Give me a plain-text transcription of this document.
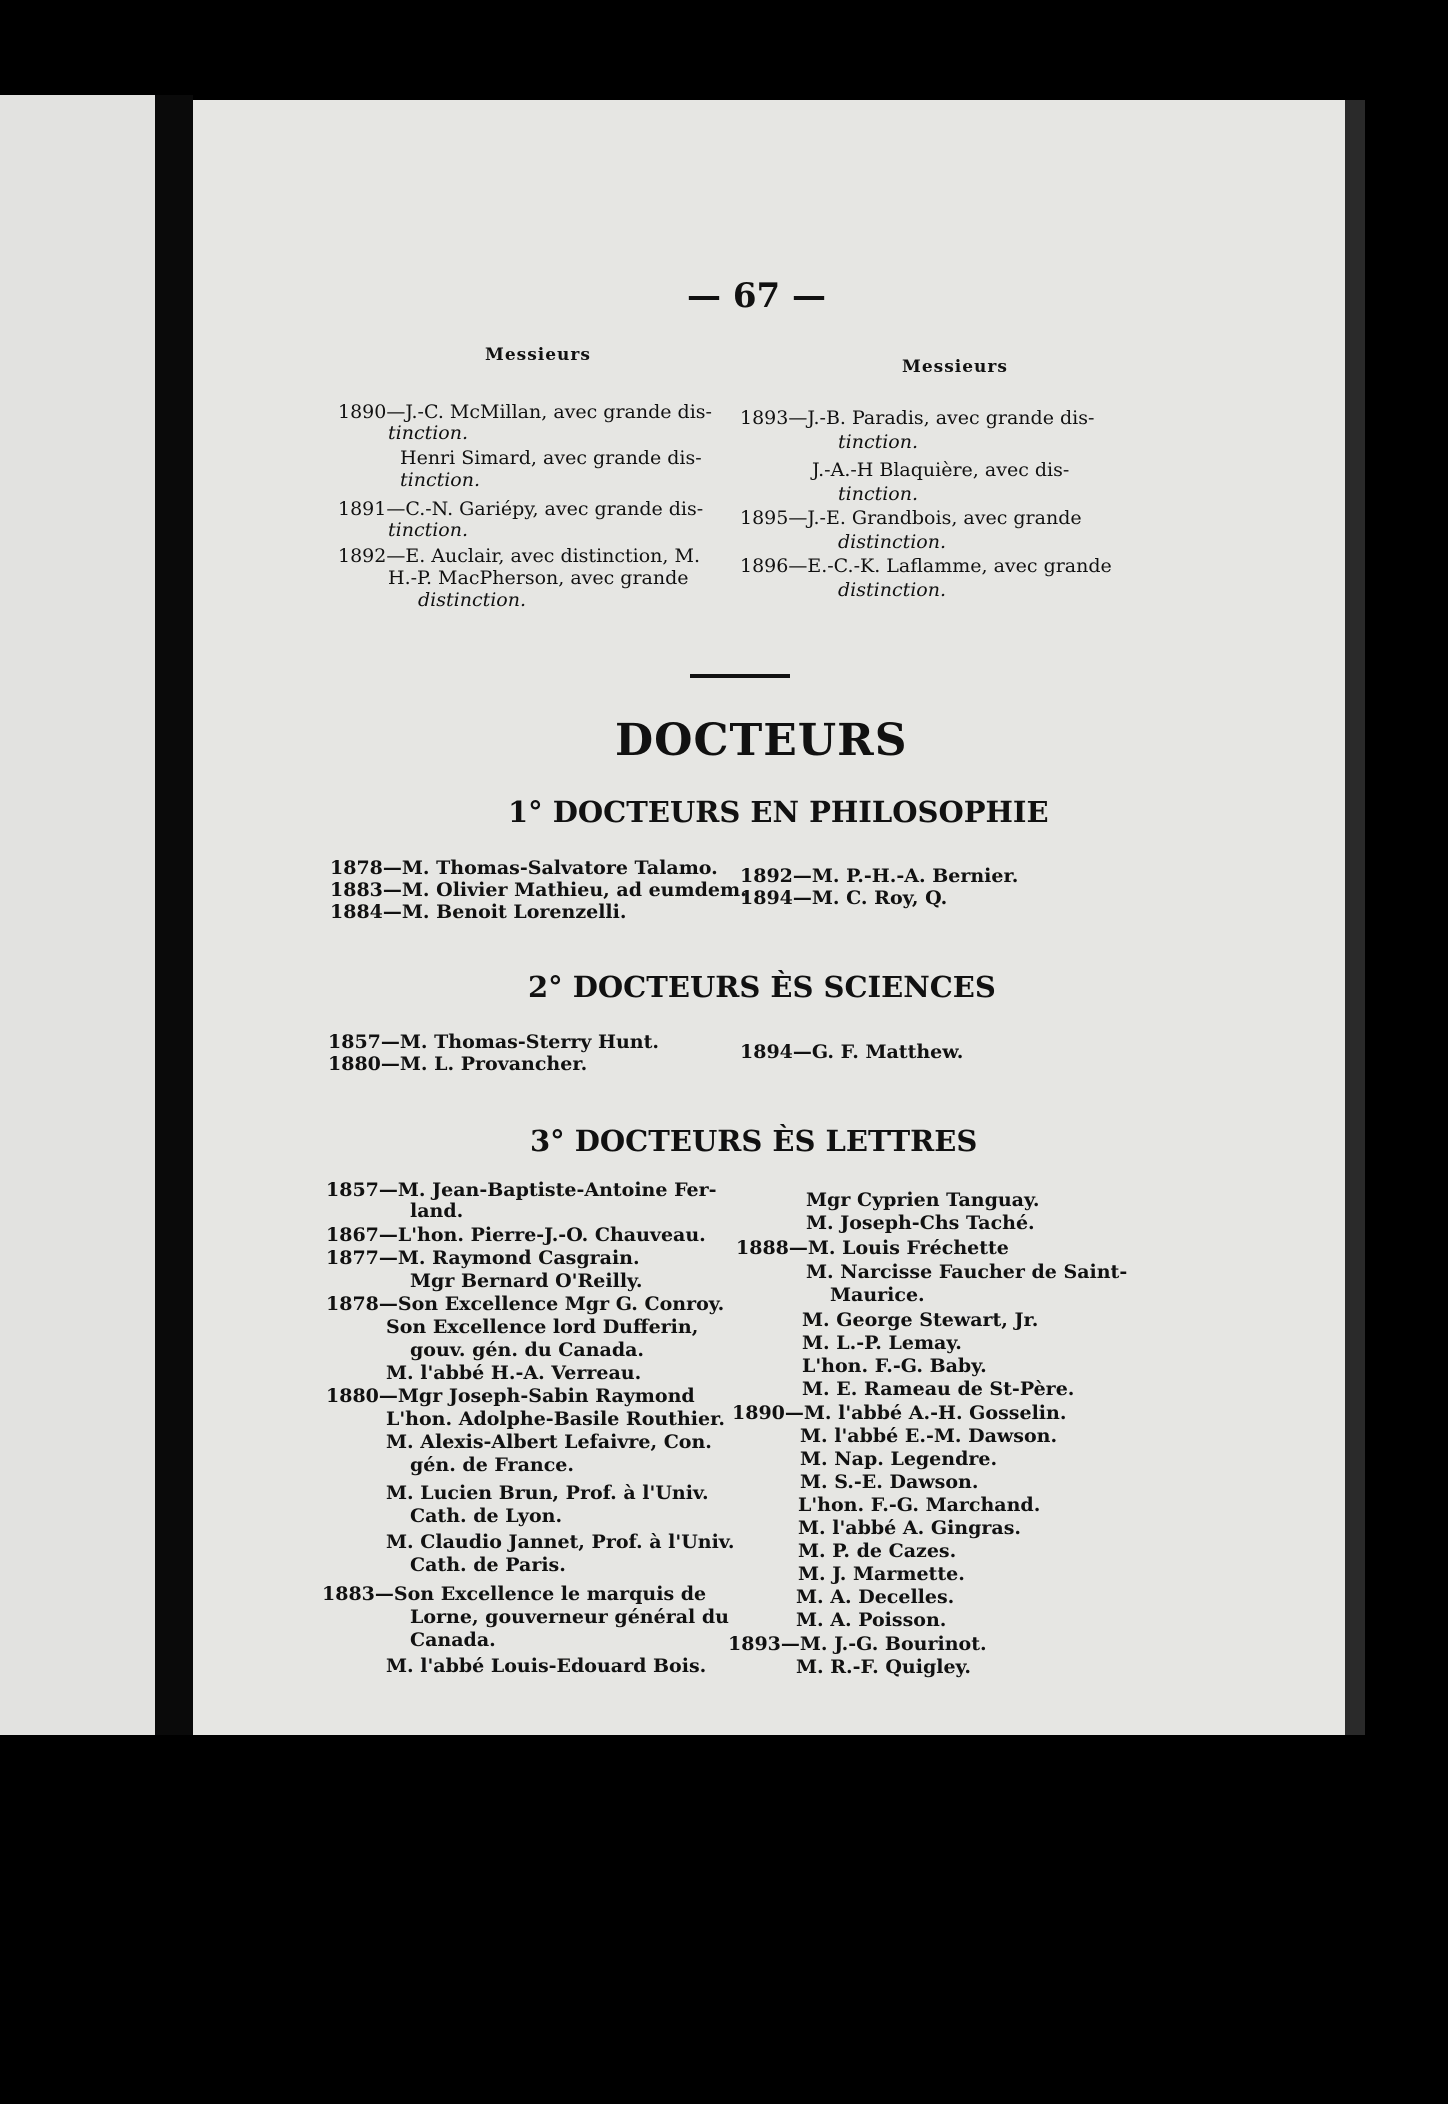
— 67 —
Messieurs
Messieurs
1890—J.-C. McMillan, avec grande dis-
tinction.
Henri Simard, avec grande dis-
tinction.
1891—C.-N. Gariépy, avec grande dis-
tinction.
1892—E. Auclair, avec distinction, M.
H.-P. MacPherson, avec grande
distinction.
1893—J.-B. Paradis, avec grande dis-
tinction.
J.-A.-H Blaquière, avec dis-
tinction.
1895—J.-E. Grandbois, avec grande
distinction.
1896—E.-C.-K. Laflamme, avec grande
distinction.
DOCTEURS
1° DOCTEURS EN PHILOSOPHIE
1878—M. Thomas-Salvatore Talamo.
1883—M. Olivier Mathieu, ad eumdem.
1884—M. Benoit Lorenzelli.
1892—M. P.-H.-A. Bernier.
1894—M. C. Roy, Q.
2° DOCTEURS ÈS SCIENCES
1857—M. Thomas-Sterry Hunt.
1880—M. L. Provancher.
1894—G. F. Matthew.
3° DOCTEURS ÈS LETTRES
1857—M. Jean-Baptiste-Antoine Fer-
land.
1867—L'hon. Pierre-J.-O. Chauveau.
1877—M. Raymond Casgrain.
Mgr Bernard O'Reilly.
1878—Son Excellence Mgr G. Conroy.
Son Excellence lord Dufferin,
gouv. gén. du Canada.
M. l'abbé H.-A. Verreau.
1880—Mgr Joseph-Sabin Raymond
L'hon. Adolphe-Basile Routhier.
M. Alexis-Albert Lefaivre, Con.
gén. de France.
M. Lucien Brun, Prof. à l'Univ.
Cath. de Lyon.
M. Claudio Jannet, Prof. à l'Univ.
Cath. de Paris.
1883—Son Excellence le marquis de
Lorne, gouverneur général du
Canada.
M. l'abbé Louis-Edouard Bois.
Mgr Cyprien Tanguay.
M. Joseph-Chs Taché.
1888—M. Louis Fréchette
M. Narcisse Faucher de Saint-
Maurice.
M. George Stewart, Jr.
M. L.-P. Lemay.
L'hon. F.-G. Baby.
M. E. Rameau de St-Père.
1890—M. l'abbé A.-H. Gosselin.
M. l'abbé E.-M. Dawson.
M. Nap. Legendre.
M. S.-E. Dawson.
L'hon. F.-G. Marchand.
M. l'abbé A. Gingras.
M. P. de Cazes.
M. J. Marmette.
M. A. Decelles.
M. A. Poisson.
1893—M. J.-G. Bourinot.
M. R.-F. Quigley.
